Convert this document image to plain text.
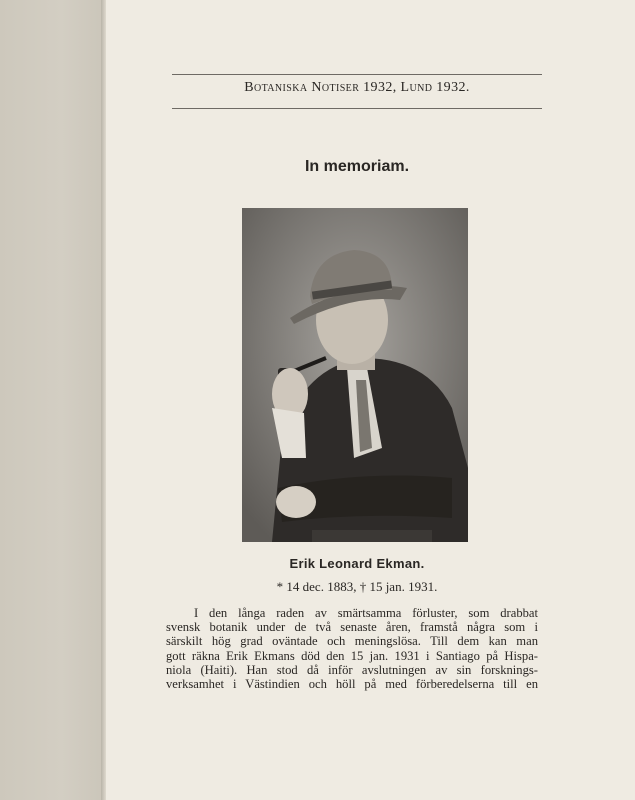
Botaniska Notiser 1932, Lund 1932.
In memoriam.
Erik Leonard Ekman.
* 14 dec. 1883, † 15 jan. 1931.
I den långa raden av smärtsamma förluster, som drabbat
svensk botanik under de två senaste åren, framstå några som i
särskilt hög grad oväntade och meningslösa. Till dem kan man
gott räkna Erik Ekmans död den 15 jan. 1931 i Santiago på Hispa-
niola (Haiti). Han stod då inför avslutningen av sin forsknings-
verksamhet i Västindien och höll på med förberedelserna till en
